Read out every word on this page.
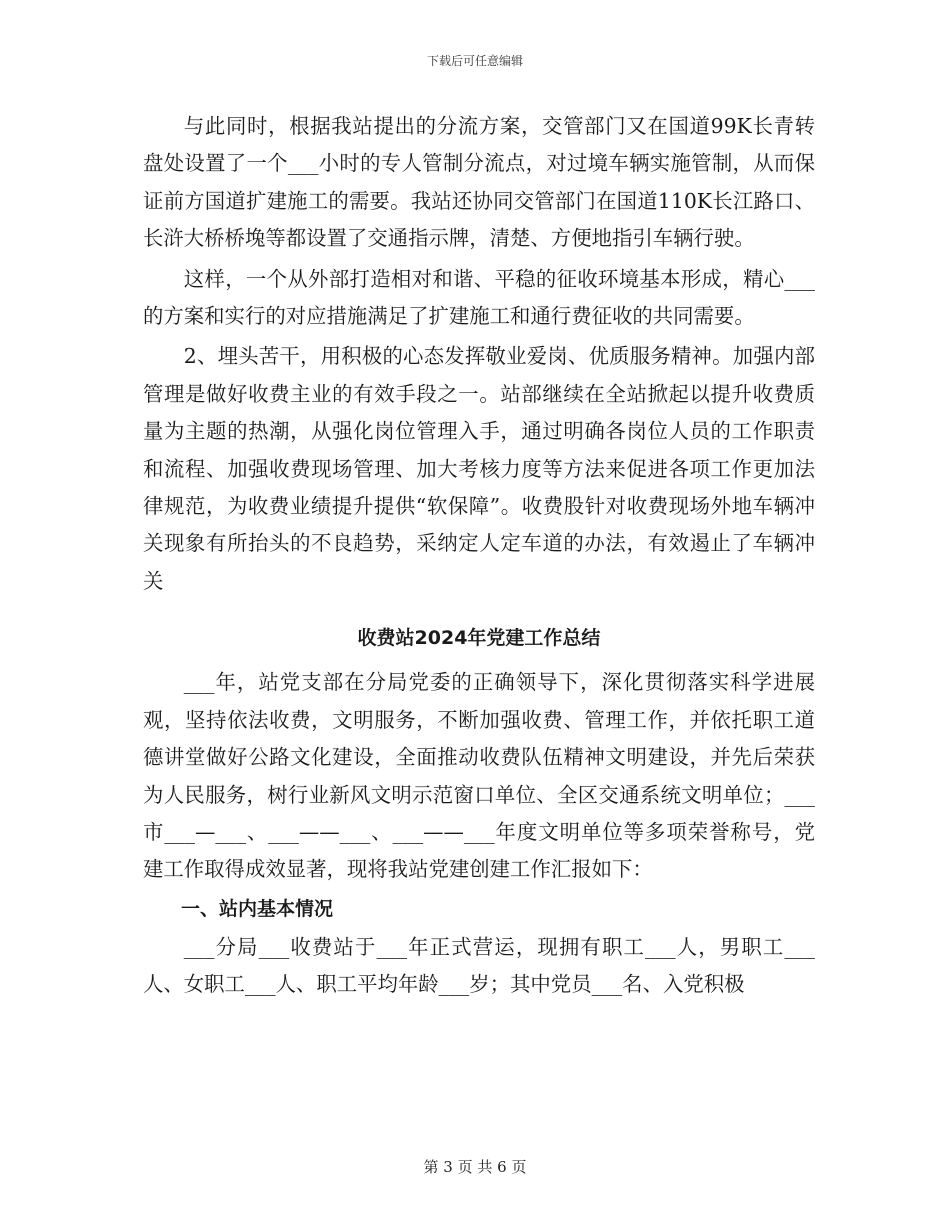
下载后可任意编辑

与此同时，根据我站提出的分流方案，交管部门又在国道99K长青转盘处设置了一个___小时的专人管制分流点，对过境车辆实施管制，从而保证前方国道扩建施工的需要。我站还协同交管部门在国道110K长江路口、长浒大桥桥堍等都设置了交通指示牌，清楚、方便地指引车辆行驶。

这样，一个从外部打造相对和谐、平稳的征收环境基本形成，精心___的方案和实行的对应措施满足了扩建施工和通行费征收的共同需要。

2、埋头苦干，用积极的心态发挥敬业爱岗、优质服务精神。加强内部管理是做好收费主业的有效手段之一。站部继续在全站掀起以提升收费质量为主题的热潮，从强化岗位管理入手，通过明确各岗位人员的工作职责和流程、加强收费现场管理、加大考核力度等方法来促进各项工作更加法律规范，为收费业绩提升提供“软保障”。收费股针对收费现场外地车辆冲关现象有所抬头的不良趋势，采纳定人定车道的办法，有效遏止了车辆冲关

收费站2024年党建工作总结

___年，站党支部在分局党委的正确领导下，深化贯彻落实科学进展观，坚持依法收费，文明服务，不断加强收费、管理工作，并依托职工道德讲堂做好公路文化建设，全面推动收费队伍精神文明建设，并先后荣获为人民服务，树行业新风文明示范窗口单位、全区交通系统文明单位；___市___—___、___——___、___——___年度文明单位等多项荣誉称号，党建工作取得成效显著，现将我站党建创建工作汇报如下：

一、站内基本情况

___分局___收费站于___年正式营运，现拥有职工___人，男职工___人、女职工___人、职工平均年龄___岁；其中党员___名、入党积极

第 3 页 共 6 页
